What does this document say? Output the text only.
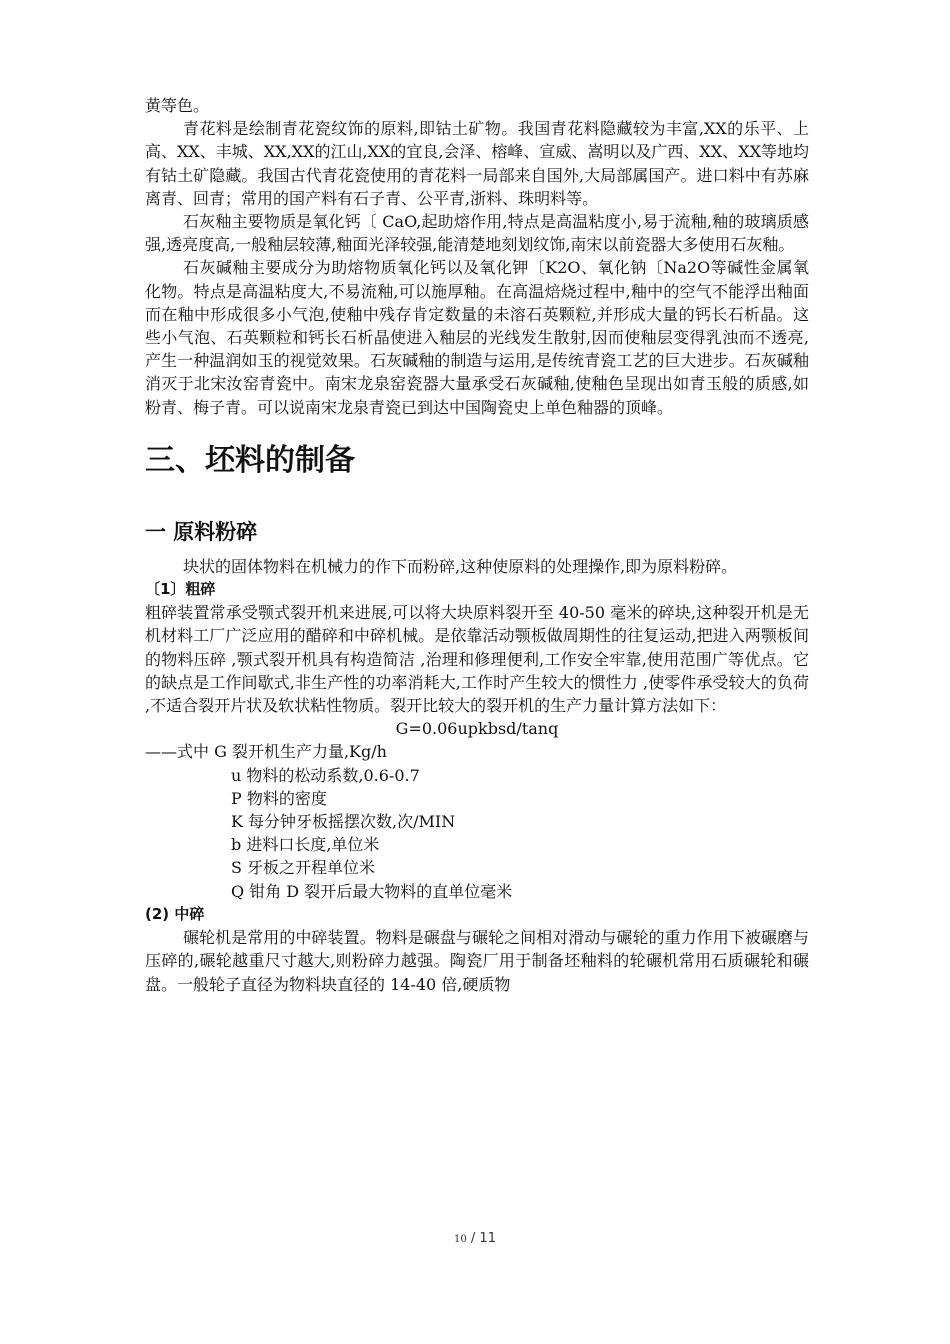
黄等色。

青花料是绘制青花瓷纹饰的原料,即钴土矿物。我国青花料隐藏较为丰富,XX的乐平、上高、XX、丰城、XX,XX的江山,XX的宜良,会泽、榕峰、宣威、嵩明以及广西、XX、XX等地均有钴土矿隐藏。我国古代青花瓷使用的青花料一局部来自国外,大局部属国产。进口料中有苏麻离青、回青；常用的国产料有石子青、公平青,浙料、珠明料等。

石灰釉主要物质是氧化钙〔 CaO,起助熔作用,特点是高温粘度小,易于流釉,釉的玻璃质感强,透亮度高,一般釉层较薄,釉面光泽较强,能清楚地刻划纹饰,南宋以前瓷器大多使用石灰釉。

石灰碱釉主要成分为助熔物质氧化钙以及氧化钾〔K2O、氧化钠〔Na2O等碱性金属氧化物。特点是高温粘度大,不易流釉,可以施厚釉。在高温焙烧过程中,釉中的空气不能浮出釉面而在釉中形成很多小气泡,使釉中残存肯定数量的未溶石英颗粒,并形成大量的钙长石析晶。这些小气泡、石英颗粒和钙长石析晶使进入釉层的光线发生散射,因而使釉层变得乳浊而不透亮,产生一种温润如玉的视觉效果。石灰碱釉的制造与运用,是传统青瓷工艺的巨大进步。石灰碱釉消灭于北宋汝窑青瓷中。南宋龙泉窑瓷器大量承受石灰碱釉,使釉色呈现出如青玉般的质感,如粉青、梅子青。可以说南宋龙泉青瓷已到达中国陶瓷史上单色釉器的顶峰。

三、坯料的制备
一 原料粉碎

块状的固体物料在机械力的作下而粉碎,这种使原料的处理操作,即为原料粉碎。

〔1〕粗碎

粗碎装置常承受颚式裂开机来进展,可以将大块原料裂开至 40-50 毫米的碎块,这种裂开机是无机材料工厂广泛应用的醋碎和中碎机械。是依靠活动颚板做周期性的往复运动,把进入两颚板间的物料压碎 ,颚式裂开机具有构造简洁 ,治理和修理便利,工作安全牢靠,使用范围广等优点。它的缺点是工作间歇式,非生产性的功率消耗大,工作时产生较大的惯性力 ,使零件承受较大的负荷 ,不适合裂开片状及软状粘性物质。裂开比较大的裂开机的生产力量计算方法如下：

G=0.06upkbsd/tanq

——式中 G 裂开机生产力量,Kg/h

u 物料的松动系数,0.6-0.7

P 物料的密度

K 每分钟牙板摇摆次数,次/MIN

b 进料口长度,单位米

S 牙板之开程单位米

Q 钳角 D 裂开后最大物料的直单位毫米

(2) 中碎

碾轮机是常用的中碎装置。物料是碾盘与碾轮之间相对滑动与碾轮的重力作用下被碾磨与压碎的,碾轮越重尺寸越大,则粉碎力越强。陶瓷厂用于制备坯釉料的轮碾机常用石质碾轮和碾盘。一般轮子直径为物料块直径的 14-40 倍,硬质物

10 / 11
